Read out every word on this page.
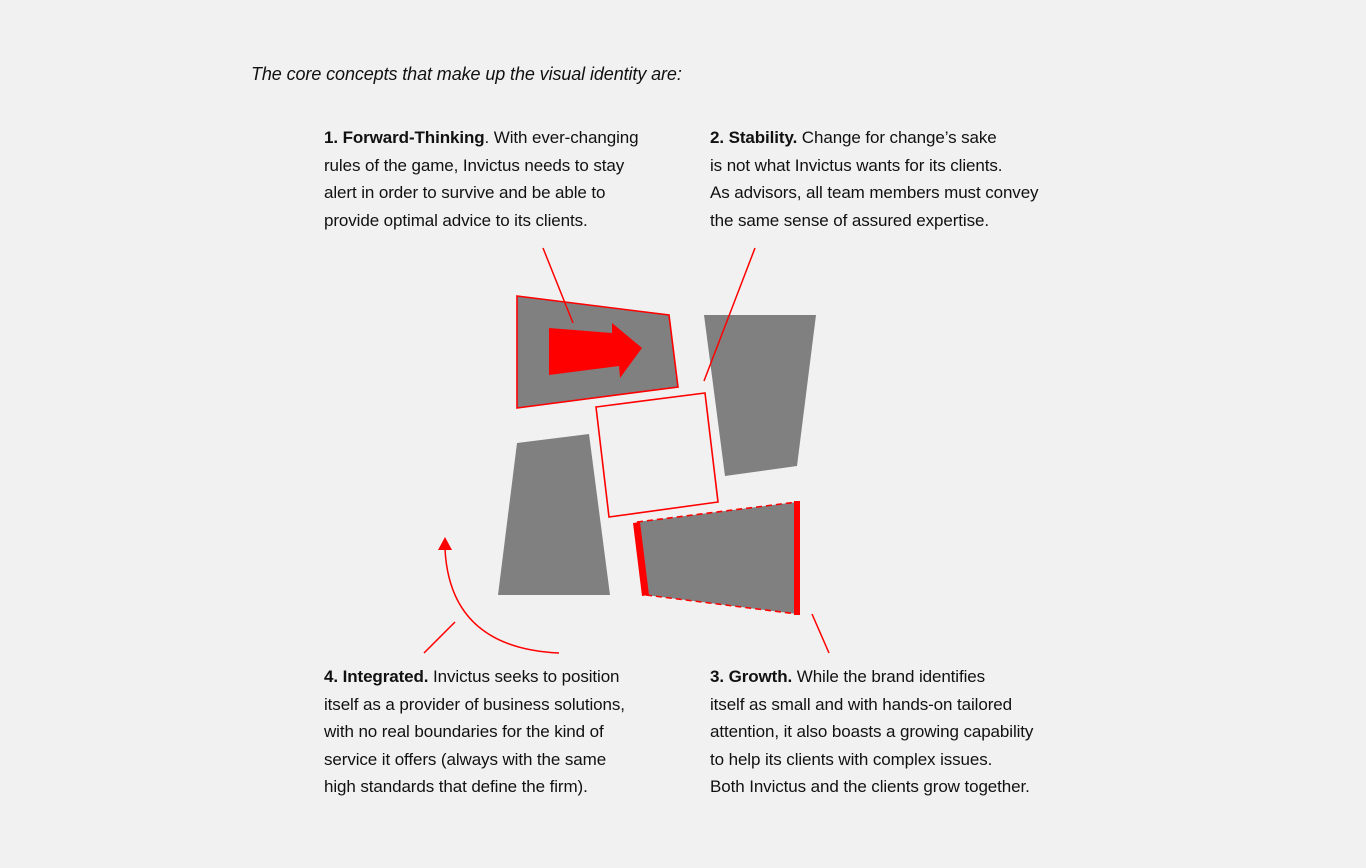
The core concepts that make up the visual identity are:
1. Forward-Thinking. With ever-changing
rules of the game, Invictus needs to stay
alert in order to survive and be able to
provide optimal advice to its clients.
2. Stability. Change for change’s sake
is not what Invictus wants for its clients.
As advisors, all team members must convey
the same sense of assured expertise.
4. Integrated. Invictus seeks to position
itself as a provider of business solutions,
with no real boundaries for the kind of
service it offers (always with the same
high standards that define the firm).
3. Growth. While the brand identifies
itself as small and with hands-on tailored
attention, it also boasts a growing capability
to help its clients with complex issues.
Both Invictus and the clients grow together.
